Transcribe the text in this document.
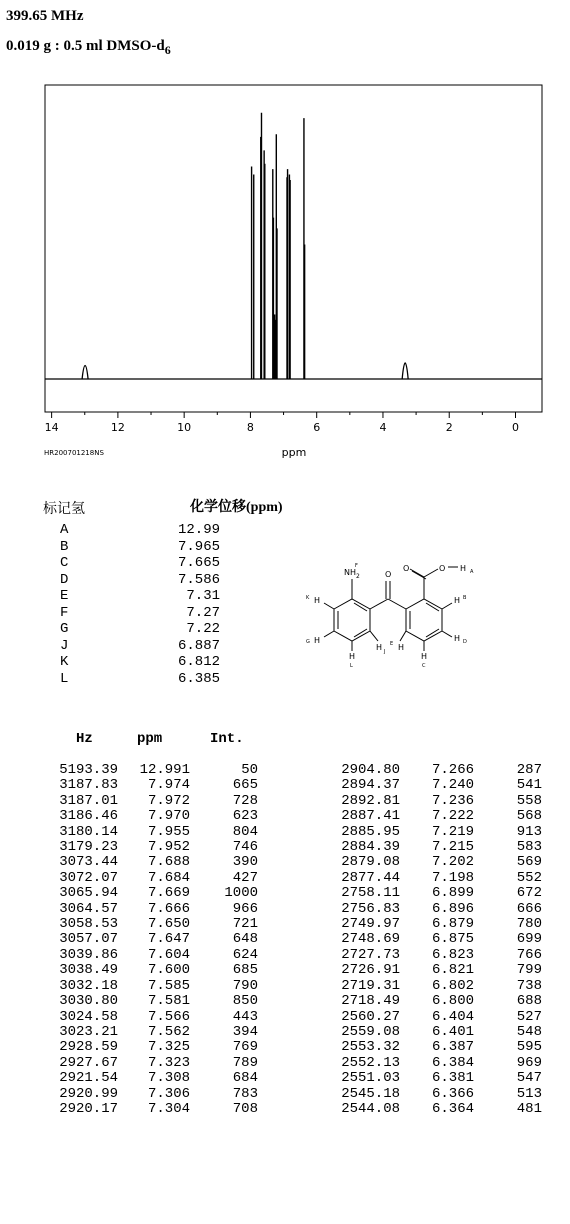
399.65 MHz
0.019 g : 0.5 ml DMSO-$d_6$
14	12	10	8	6	4	2	0
ppm
HR200701218NS
标记氢	化学位移(ppm)
A	12.99
B	7.965
C	7.665
D	7.586
E	7.31
F	7.27
G	7.22
J	6.887
K	6.812
L	6.385
$NH_2$
F
O
O	O H A
K H
H
G
H
L
H J H
E
H
C
H D
H B
Hz	ppm	Int.
5193.39	12.991	50
3187.83	7.974	665
3187.01	7.972	728
3186.46	7.970	623
3180.14	7.955	804
3179.23	7.952	746
3073.44	7.688	390
3072.07	7.684	427
3065.94	7.669	1000
3064.57	7.666	966
3058.53	7.650	721
3057.07	7.647	648
3039.86	7.604	624
3038.49	7.600	685
3032.18	7.585	790
3030.80	7.581	850
3024.58	7.566	443
3023.21	7.562	394
2928.59	7.325	769
2927.67	7.323	789
2921.54	7.308	684
2920.99	7.306	783
2920.17	7.304	708
2904.80	7.266	287
2894.37	7.240	541
2892.81	7.236	558
2887.41	7.222	568
2885.95	7.219	913
2884.39	7.215	583
2879.08	7.202	569
2877.44	7.198	552
2758.11	6.899	672
2756.83	6.896	666
2749.97	6.879	780
2748.69	6.875	699
2727.73	6.823	766
2726.91	6.821	799
2719.31	6.802	738
2718.49	6.800	688
2560.27	6.404	527
2559.08	6.401	548
2553.32	6.387	595
2552.13	6.384	969
2551.03	6.381	547
2545.18	6.366	513
2544.08	6.364	481
